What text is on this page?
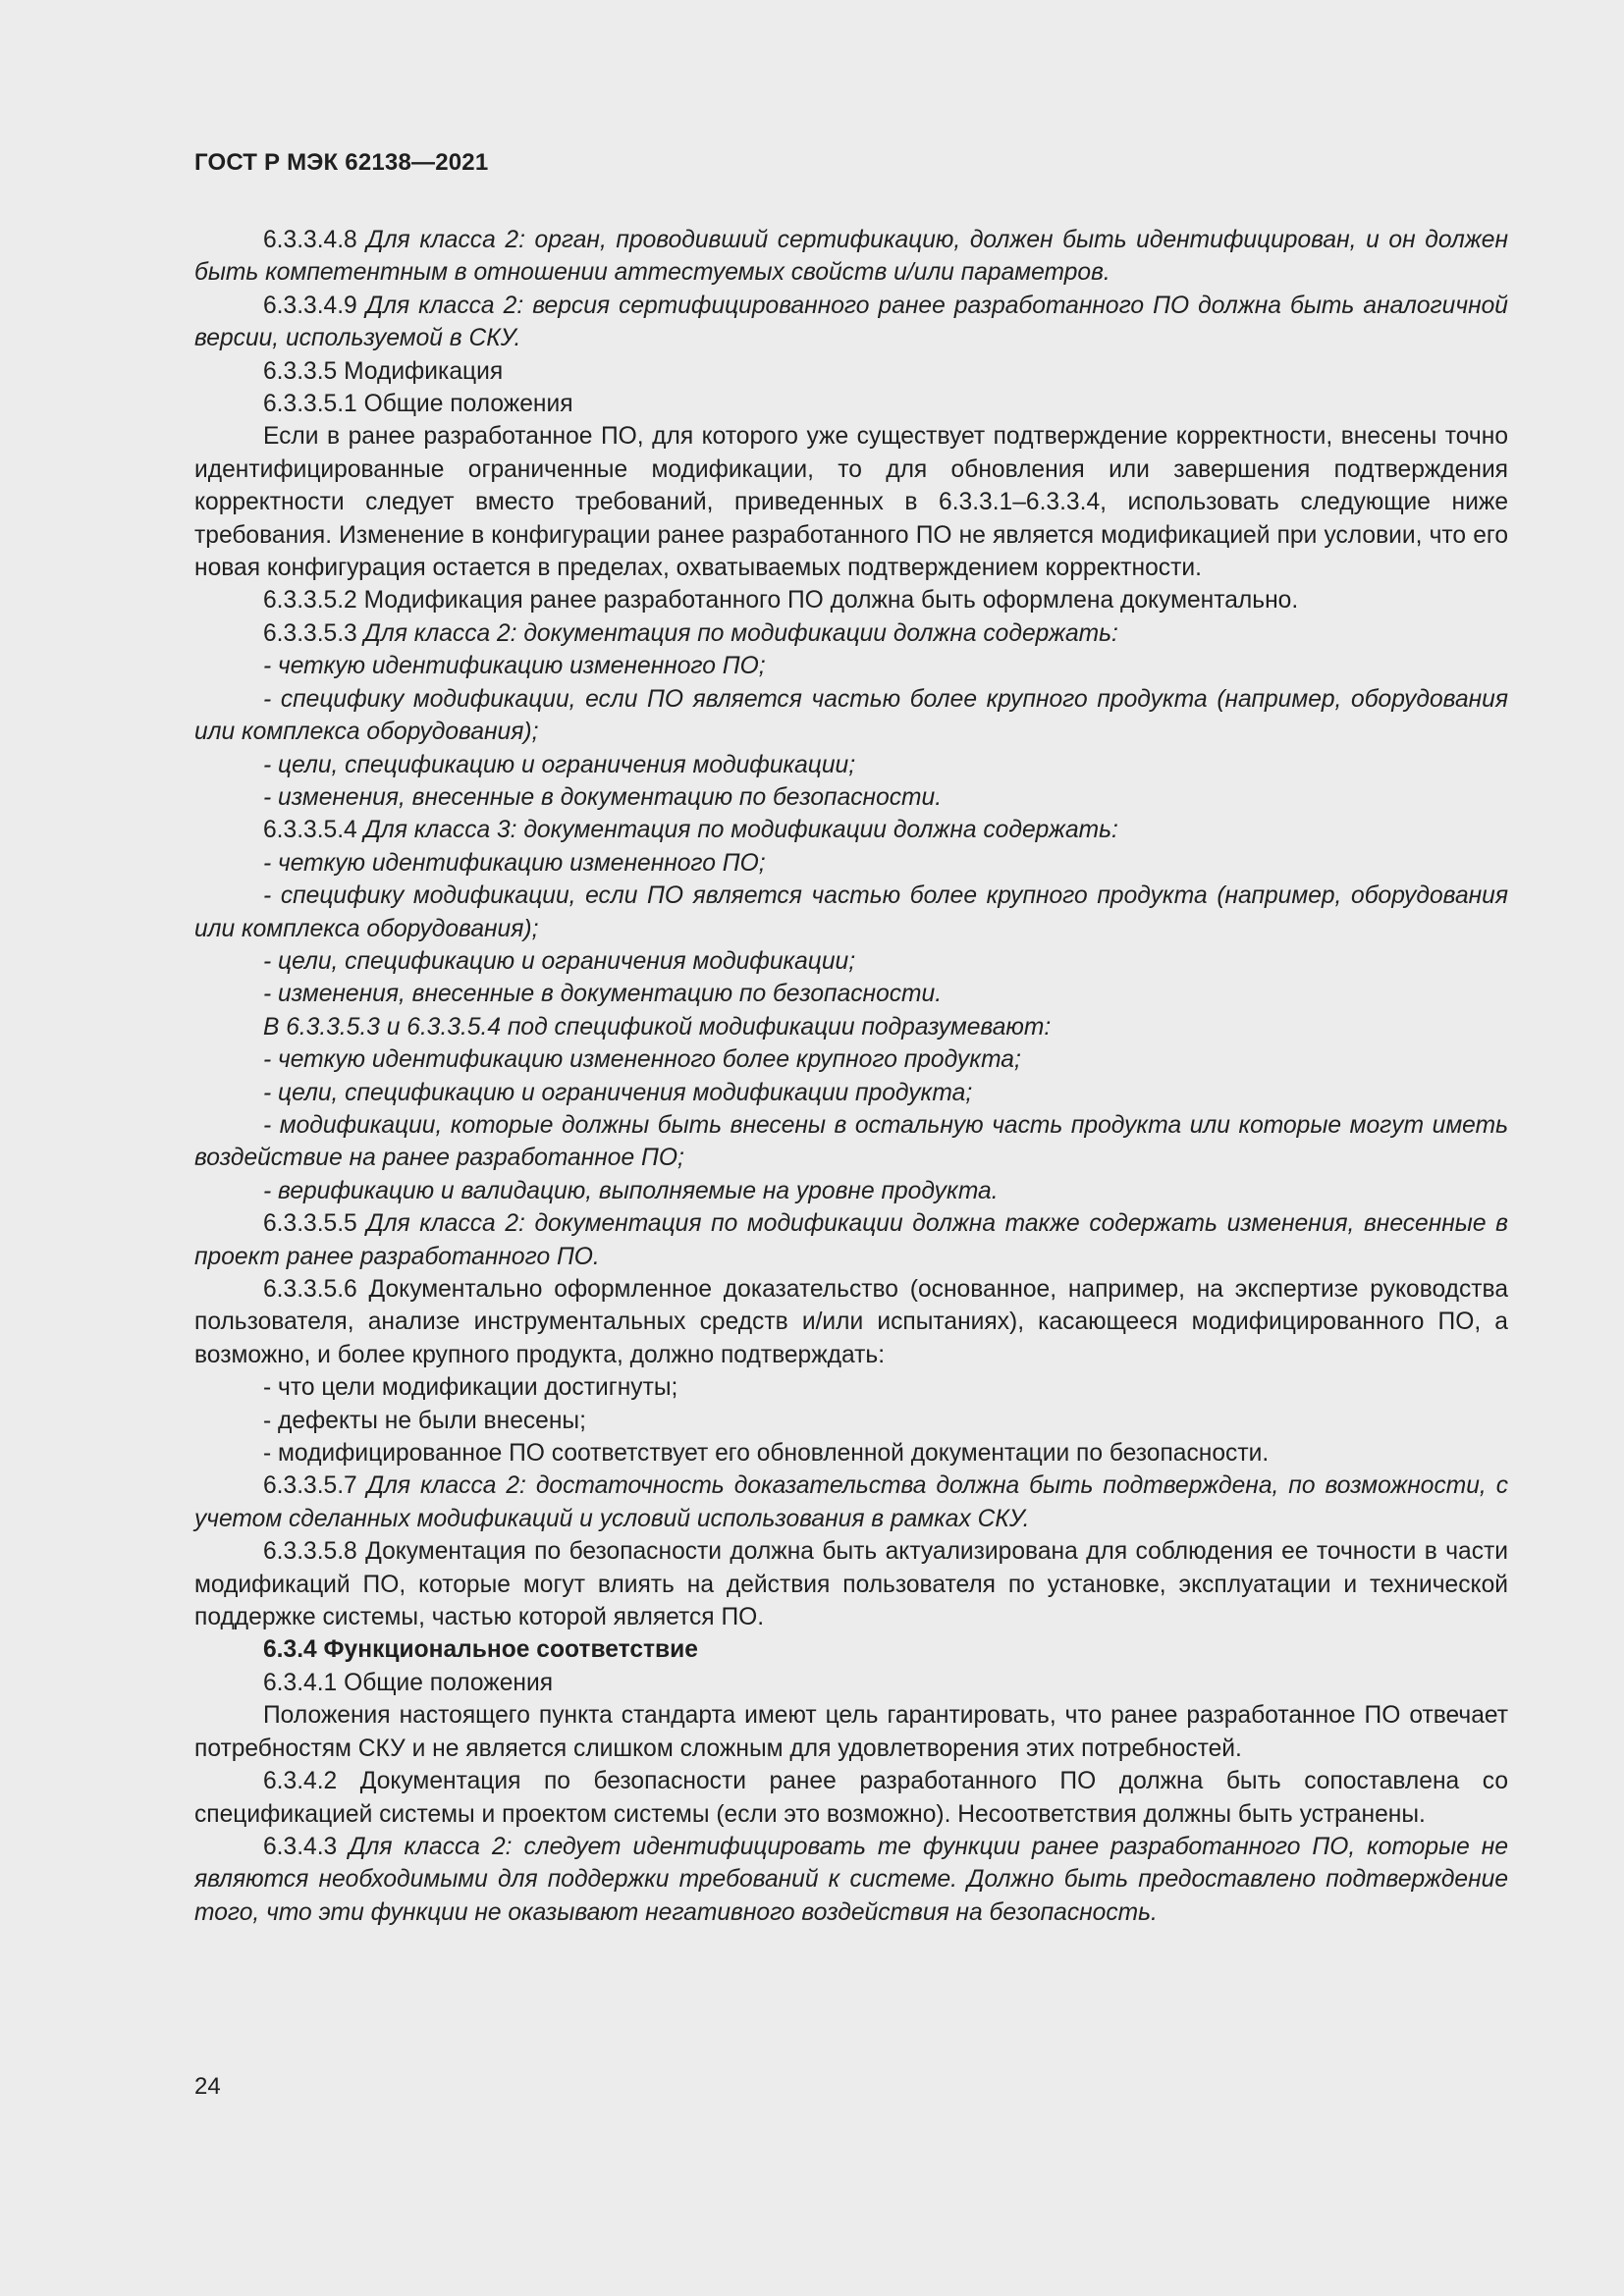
ГОСТ Р МЭК 62138—2021

6.3.3.4.8 Для класса 2: орган, проводивший сертификацию, должен быть идентифицирован, и он должен быть компетентным в отношении аттестуемых свойств и/или параметров.

6.3.3.4.9 Для класса 2: версия сертифицированного ранее разработанного ПО должна быть аналогичной версии, используемой в СКУ.

6.3.3.5 Модификация

6.3.3.5.1 Общие положения

Если в ранее разработанное ПО, для которого уже существует подтверждение корректности, внесены точно идентифицированные ограниченные модификации, то для обновления или завершения подтверждения корректности следует вместо требований, приведенных в 6.3.3.1–6.3.3.4, использовать следующие ниже требования. Изменение в конфигурации ранее разработанного ПО не является модификацией при условии, что его новая конфигурация остается в пределах, охватываемых подтверждением корректности.

6.3.3.5.2 Модификация ранее разработанного ПО должна быть оформлена документально.

6.3.3.5.3 Для класса 2: документация по модификации должна содержать:

- четкую идентификацию измененного ПО;

- специфику модификации, если ПО является частью более крупного продукта (например, оборудования или комплекса оборудования);

- цели, спецификацию и ограничения модификации;

- изменения, внесенные в документацию по безопасности.

6.3.3.5.4 Для класса 3: документация по модификации должна содержать:

- четкую идентификацию измененного ПО;

- специфику модификации, если ПО является частью более крупного продукта (например, оборудования или комплекса оборудования);

- цели, спецификацию и ограничения модификации;

- изменения, внесенные в документацию по безопасности.

В 6.3.3.5.3 и 6.3.3.5.4 под спецификой модификации подразумевают:

- четкую идентификацию измененного более крупного продукта;

- цели, спецификацию и ограничения модификации продукта;

- модификации, которые должны быть внесены в остальную часть продукта или которые могут иметь воздействие на ранее разработанное ПО;

- верификацию и валидацию, выполняемые на уровне продукта.

6.3.3.5.5 Для класса 2: документация по модификации должна также содержать изменения, внесенные в проект ранее разработанного ПО.

6.3.3.5.6 Документально оформленное доказательство (основанное, например, на экспертизе руководства пользователя, анализе инструментальных средств и/или испытаниях), касающееся модифицированного ПО, а возможно, и более крупного продукта, должно подтверждать:

- что цели модификации достигнуты;

- дефекты не были внесены;

- модифицированное ПО соответствует его обновленной документации по безопасности.

6.3.3.5.7 Для класса 2: достаточность доказательства должна быть подтверждена, по возможности, с учетом сделанных модификаций и условий использования в рамках СКУ.

6.3.3.5.8 Документация по безопасности должна быть актуализирована для соблюдения ее точности в части модификаций ПО, которые могут влиять на действия пользователя по установке, эксплуатации и технической поддержке системы, частью которой является ПО.

6.3.4 Функциональное соответствие

6.3.4.1 Общие положения

Положения настоящего пункта стандарта имеют цель гарантировать, что ранее разработанное ПО отвечает потребностям СКУ и не является слишком сложным для удовлетворения этих потребностей.

6.3.4.2 Документация по безопасности ранее разработанного ПО должна быть сопоставлена со спецификацией системы и проектом системы (если это возможно). Несоответствия должны быть устранены.

6.3.4.3 Для класса 2: следует идентифицировать те функции ранее разработанного ПО, которые не являются необходимыми для поддержки требований к системе. Должно быть предоставлено подтверждение того, что эти функции не оказывают негативного воздействия на безопасность.

24
